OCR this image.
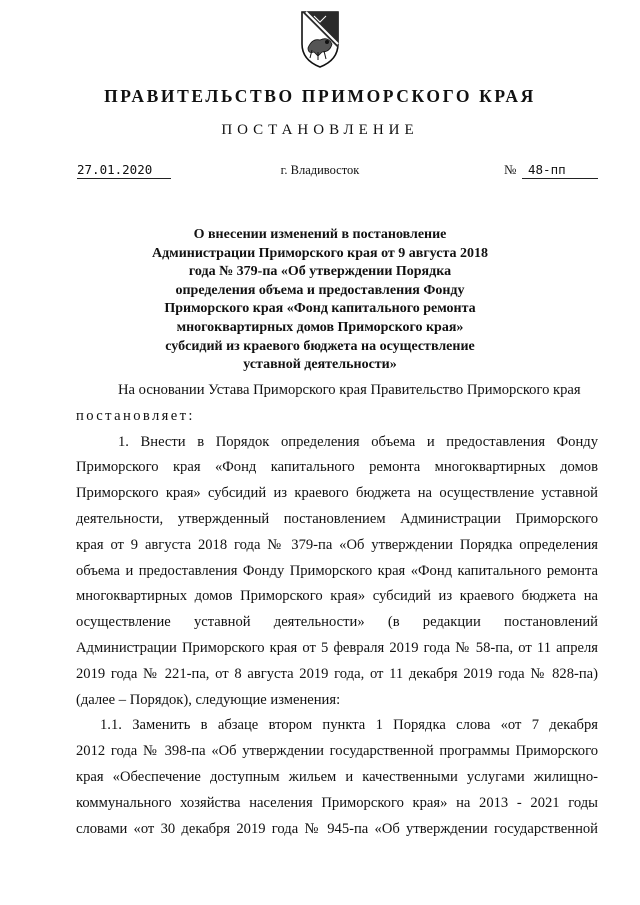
ПРАВИТЕЛЬСТВО ПРИМОРСКОГО КРАЯ
ПОСТАНОВЛЕНИЕ
27.01.2020	г. Владивосток	№ 48-пп
О внесении изменений в постановление Администрации Приморского края от 9 августа 2018 года № 379-па «Об утверждении Порядка определения объема и предоставления Фонду Приморского края «Фонд капитального ремонта многоквартирных домов Приморского края» субсидий из краевого бюджета на осуществление уставной деятельности»
На основании Устава Приморского края Правительство Приморского края
постановляет:
1. Внести в Порядок определения объема и предоставления Фонду
Приморского края «Фонд капитального ремонта многоквартирных домов
Приморского края» субсидий из краевого бюджета на осуществление уставной
деятельности, утвержденный постановлением Администрации Приморского
края от 9 августа 2018 года № 379-па «Об утверждении Порядка определения
объема и предоставления Фонду Приморского края «Фонд капитального ремонта
многоквартирных домов Приморского края» субсидий из краевого бюджета на
осуществление уставной деятельности» (в редакции постановлений
Администрации Приморского края от 5 февраля 2019 года № 58-па, от 11 апреля
2019 года № 221-па, от 8 августа 2019 года, от 11 декабря 2019 года № 828-па)
(далее – Порядок), следующие изменения:
1.1. Заменить в абзаце втором пункта 1 Порядка слова «от 7 декабря
2012 года № 398-па «Об утверждении государственной программы Приморского
края «Обеспечение доступным жильем и качественными услугами жилищно-
коммунального хозяйства населения Приморского края» на 2013 - 2021 годы
словами «от 30 декабря 2019 года № 945-па «Об утверждении государственной
